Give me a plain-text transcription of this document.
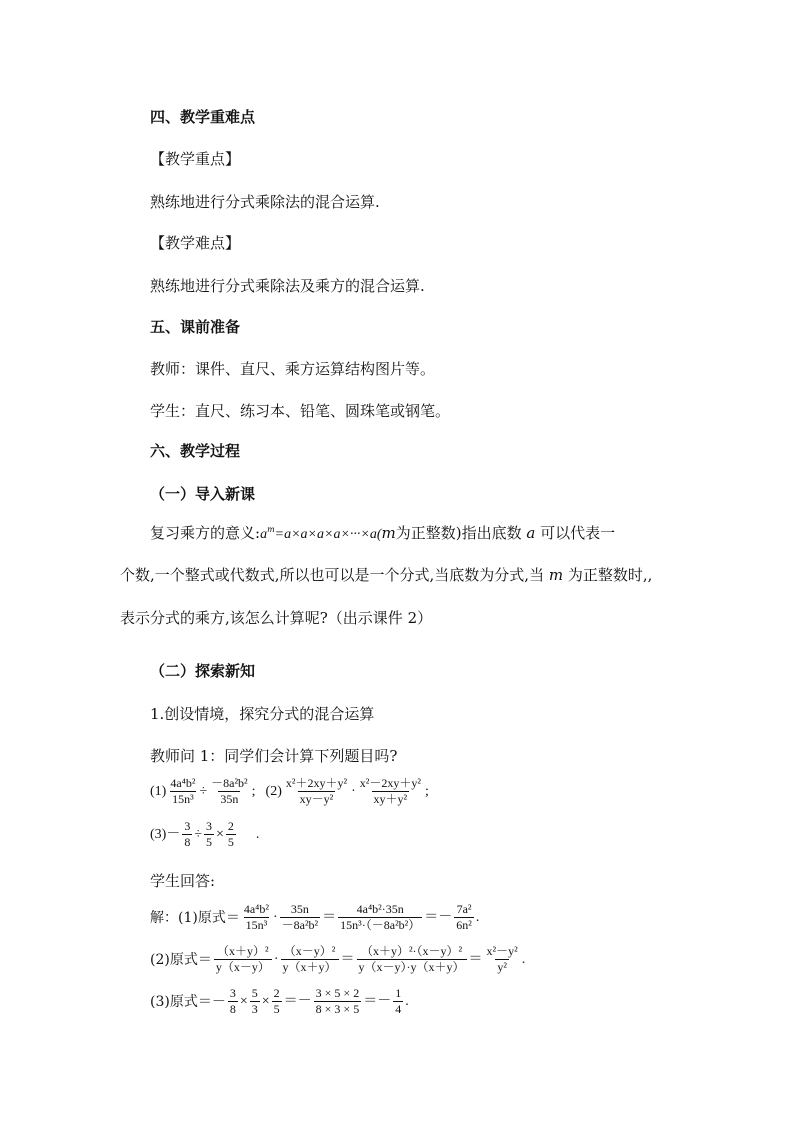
四、教学重难点
【教学重点】
熟练地进行分式乘除法的混合运算.
【教学难点】
熟练地进行分式乘除法及乘方的混合运算.
五、课前准备
教师：课件、直尺、乘方运算结构图片等。
学生：直尺、练习本、铅笔、圆珠笔或钢笔。
六、教学过程
（一）导入新课
复习乘方的意义$:a^m=a\times a\times a\times a\times\cdot\cdot\cdot\times a(m$为正整数)指出底数 a 可以代表一
个数,一个整式或代数式,所以也可以是一个分式,当底数为分式,当 m 为正整数时,,
表示分式的乘方,该怎么计算呢?（出示课件 2）
（二）探索新知
1.创设情境，探究分式的混合运算
教师问 1：同学们会计算下列题目吗?
$(1) \frac{\text{4a⁴b²}}{\text{15n³}} \div \frac{\text{－8a²b²}}{35n}$ ; $(2) \frac{\text{x²＋2xy＋y²}}{\text{xy－y²}} \cdot \frac{\text{x²－2xy＋y²}}{\text{xy＋y²}}$ ;
$(3)- \frac{3}{8} \div \frac{3}{5} \times \frac{2}{5}$ .
学生回答:
解：(1)原式＝ $\frac{\text{4a⁴b²}}{\text{15n³}} \cdot \frac{35n}{\text{－8a²b²}} = \frac{\text{4a⁴b²·35n}}{\text{15n³·（－8a²b²）}} =- \frac{\text{7a²}}{\text{6n²}}$ .
(2)原式＝ $\frac{\text{（x＋y）²}}{y(x-y)} \cdot \frac{\text{（x－y）²}}{y(x+y)} = \frac{\text{（x＋y）²·（x－y）²}}{y(x-y)\cdot y(x+y)} = \frac{\text{x²－y²}}{\text{y²}}$ .
(3)原式＝－ $\frac{3}{8} \times \frac{5}{3} \times \frac{2}{5} =- \frac{3 \times 5 \times 2}{8 \times 3 \times 5} =- \frac{1}{4}$ .
